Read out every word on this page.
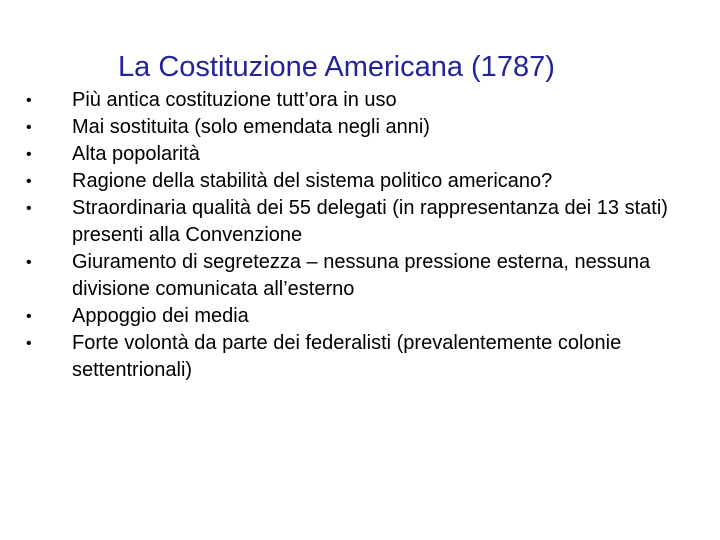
La Costituzione Americana (1787)
• Più antica costituzione tutt’ora in uso
• Mai sostituita (solo emendata negli anni)
• Alta popolarità
• Ragione della stabilità del sistema politico americano?
• Straordinaria qualità dei 55 delegati (in rappresentanza dei 13 stati) presenti alla Convenzione
• Giuramento di segretezza – nessuna pressione esterna, nessuna divisione comunicata all’esterno
• Appoggio dei media
• Forte volontà da parte dei federalisti (prevalentemente colonie settentrionali)
